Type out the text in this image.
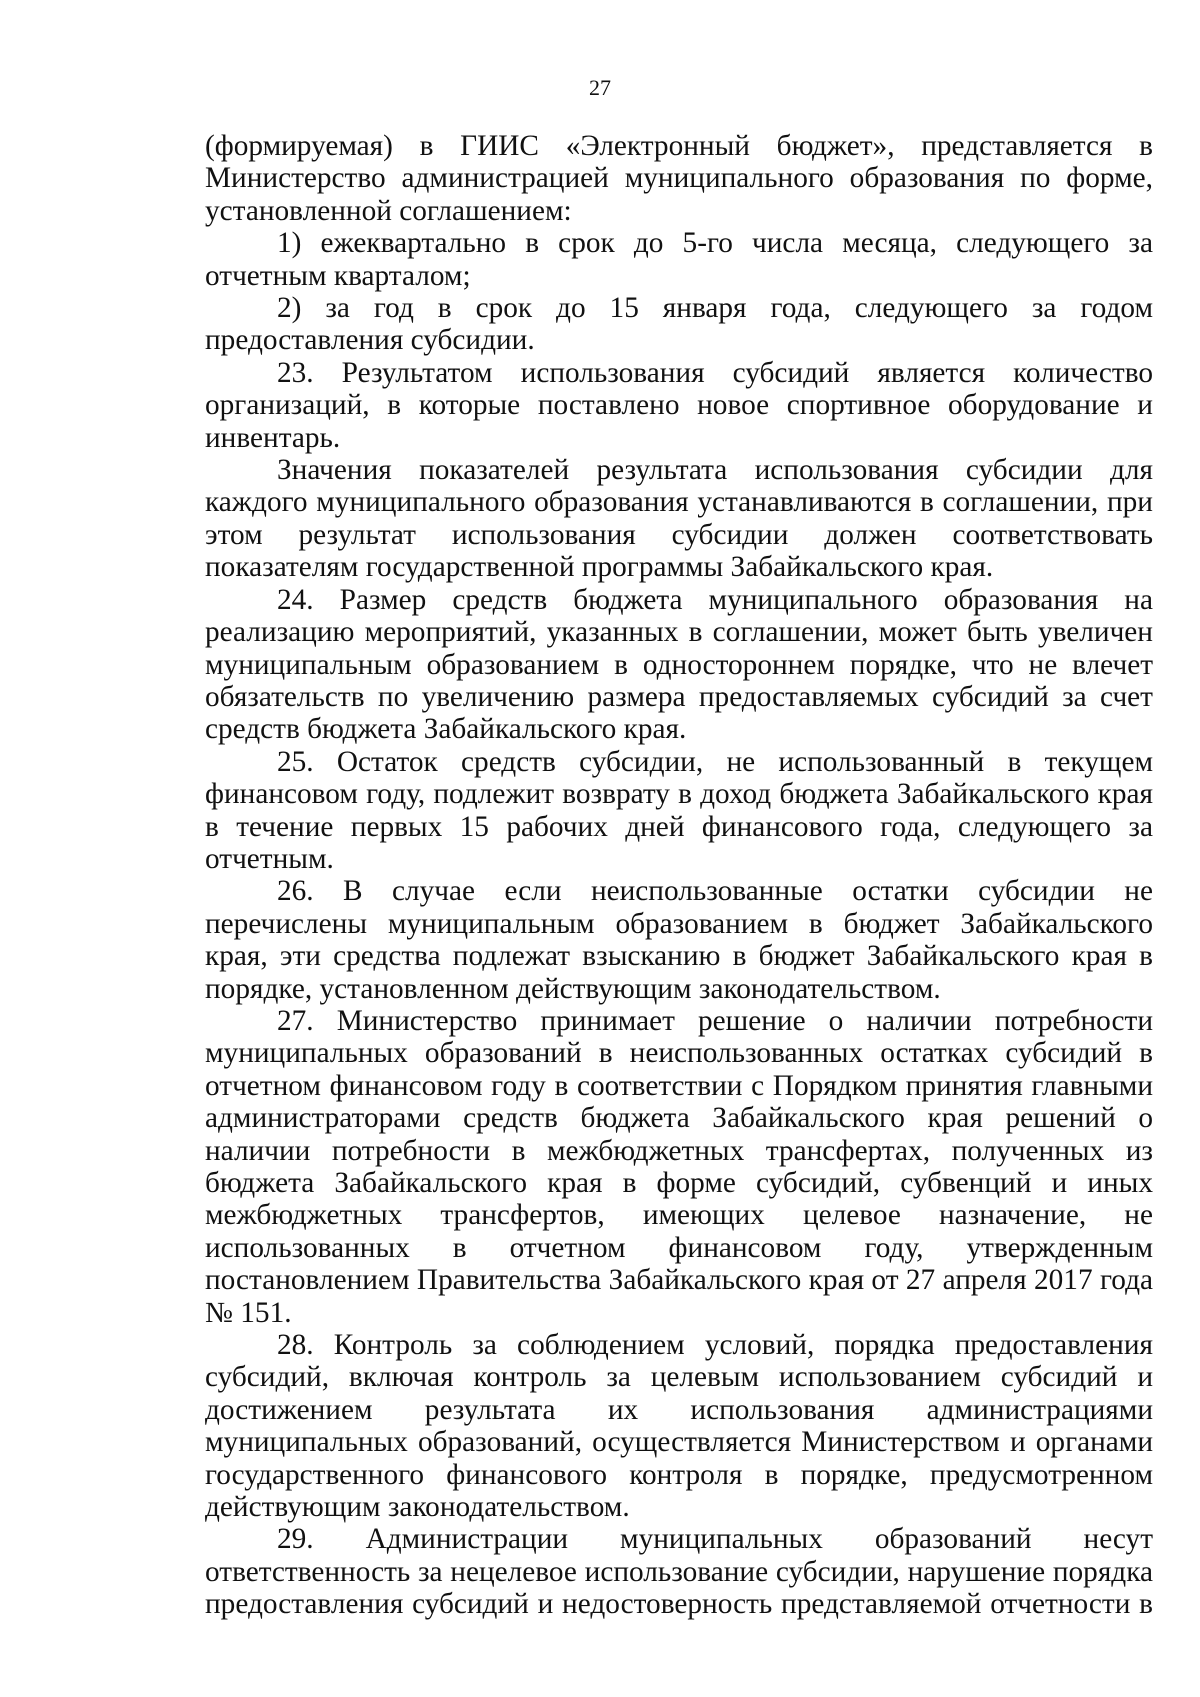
27

(формируемая) в ГИИС «Электронный бюджет», представляется в Министерство администрацией муниципального образования по форме, установленной соглашением:

1) ежеквартально в срок до 5-го числа месяца, следующего за отчетным кварталом;

2) за год в срок до 15 января года, следующего за годом предоставления субсидии.

23. Результатом использования субсидий является количество организаций, в которые поставлено новое спортивное оборудование и инвентарь.

Значения показателей результата использования субсидии для каждого муниципального образования устанавливаются в соглашении, при этом результат использования субсидии должен соответствовать показателям государственной программы Забайкальского края.

24. Размер средств бюджета муниципального образования на реализацию мероприятий, указанных в соглашении, может быть увеличен муниципальным образованием в одностороннем порядке, что не влечет обязательств по увеличению размера предоставляемых субсидий за счет средств бюджета Забайкальского края.

25. Остаток средств субсидии, не использованный в текущем финансовом году, подлежит возврату в доход бюджета Забайкальского края в течение первых 15 рабочих дней финансового года, следующего за отчетным.

26. В случае если неиспользованные остатки субсидии не перечислены муниципальным образованием в бюджет Забайкальского края, эти средства подлежат взысканию в бюджет Забайкальского края в порядке, установленном действующим законодательством.

27. Министерство принимает решение о наличии потребности муниципальных образований в неиспользованных остатках субсидий в отчетном финансовом году в соответствии с Порядком принятия главными администраторами средств бюджета Забайкальского края решений о наличии потребности в межбюджетных трансфертах, полученных из бюджета Забайкальского края в форме субсидий, субвенций и иных межбюджетных трансфертов, имеющих целевое назначение, не использованных в отчетном финансовом году, утвержденным постановлением Правительства Забайкальского края от 27 апреля 2017 года № 151.

28. Контроль за соблюдением условий, порядка предоставления субсидий, включая контроль за целевым использованием субсидий и достижением результата их использования администрациями муниципальных образований, осуществляется Министерством и органами государственного финансового контроля в порядке, предусмотренном действующим законодательством.

29. Администрации муниципальных образований несут ответственность за нецелевое использование субсидии, нарушение порядка предоставления субсидий и недостоверность представляемой отчетности в
